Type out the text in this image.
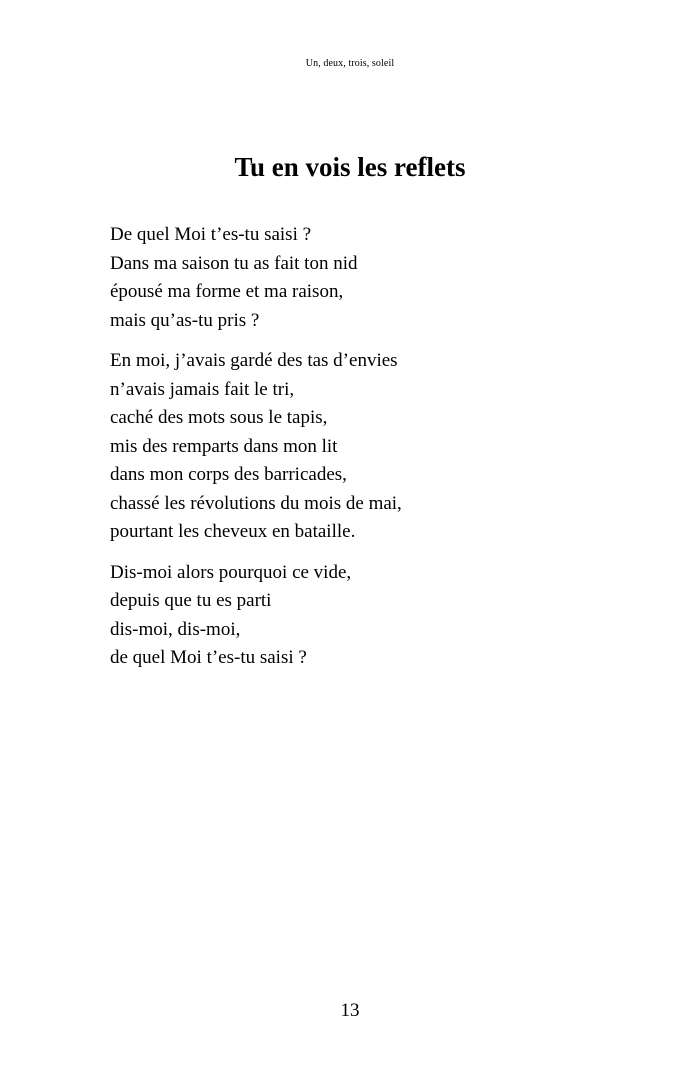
Un, deux, trois, soleil
Tu en vois les reflets
De quel Moi t’es-tu saisi ?
Dans ma saison tu as fait ton nid
épousé ma forme et ma raison,
mais qu’as-tu pris ?
En moi, j’avais gardé des tas d’envies
n’avais jamais fait le tri,
caché des mots sous le tapis,
mis des remparts dans mon lit
dans mon corps des barricades,
chassé les révolutions du mois de mai,
pourtant les cheveux en bataille.
Dis-moi alors pourquoi ce vide,
depuis que tu es parti
dis-moi, dis-moi,
de quel Moi t’es-tu saisi ?
13
